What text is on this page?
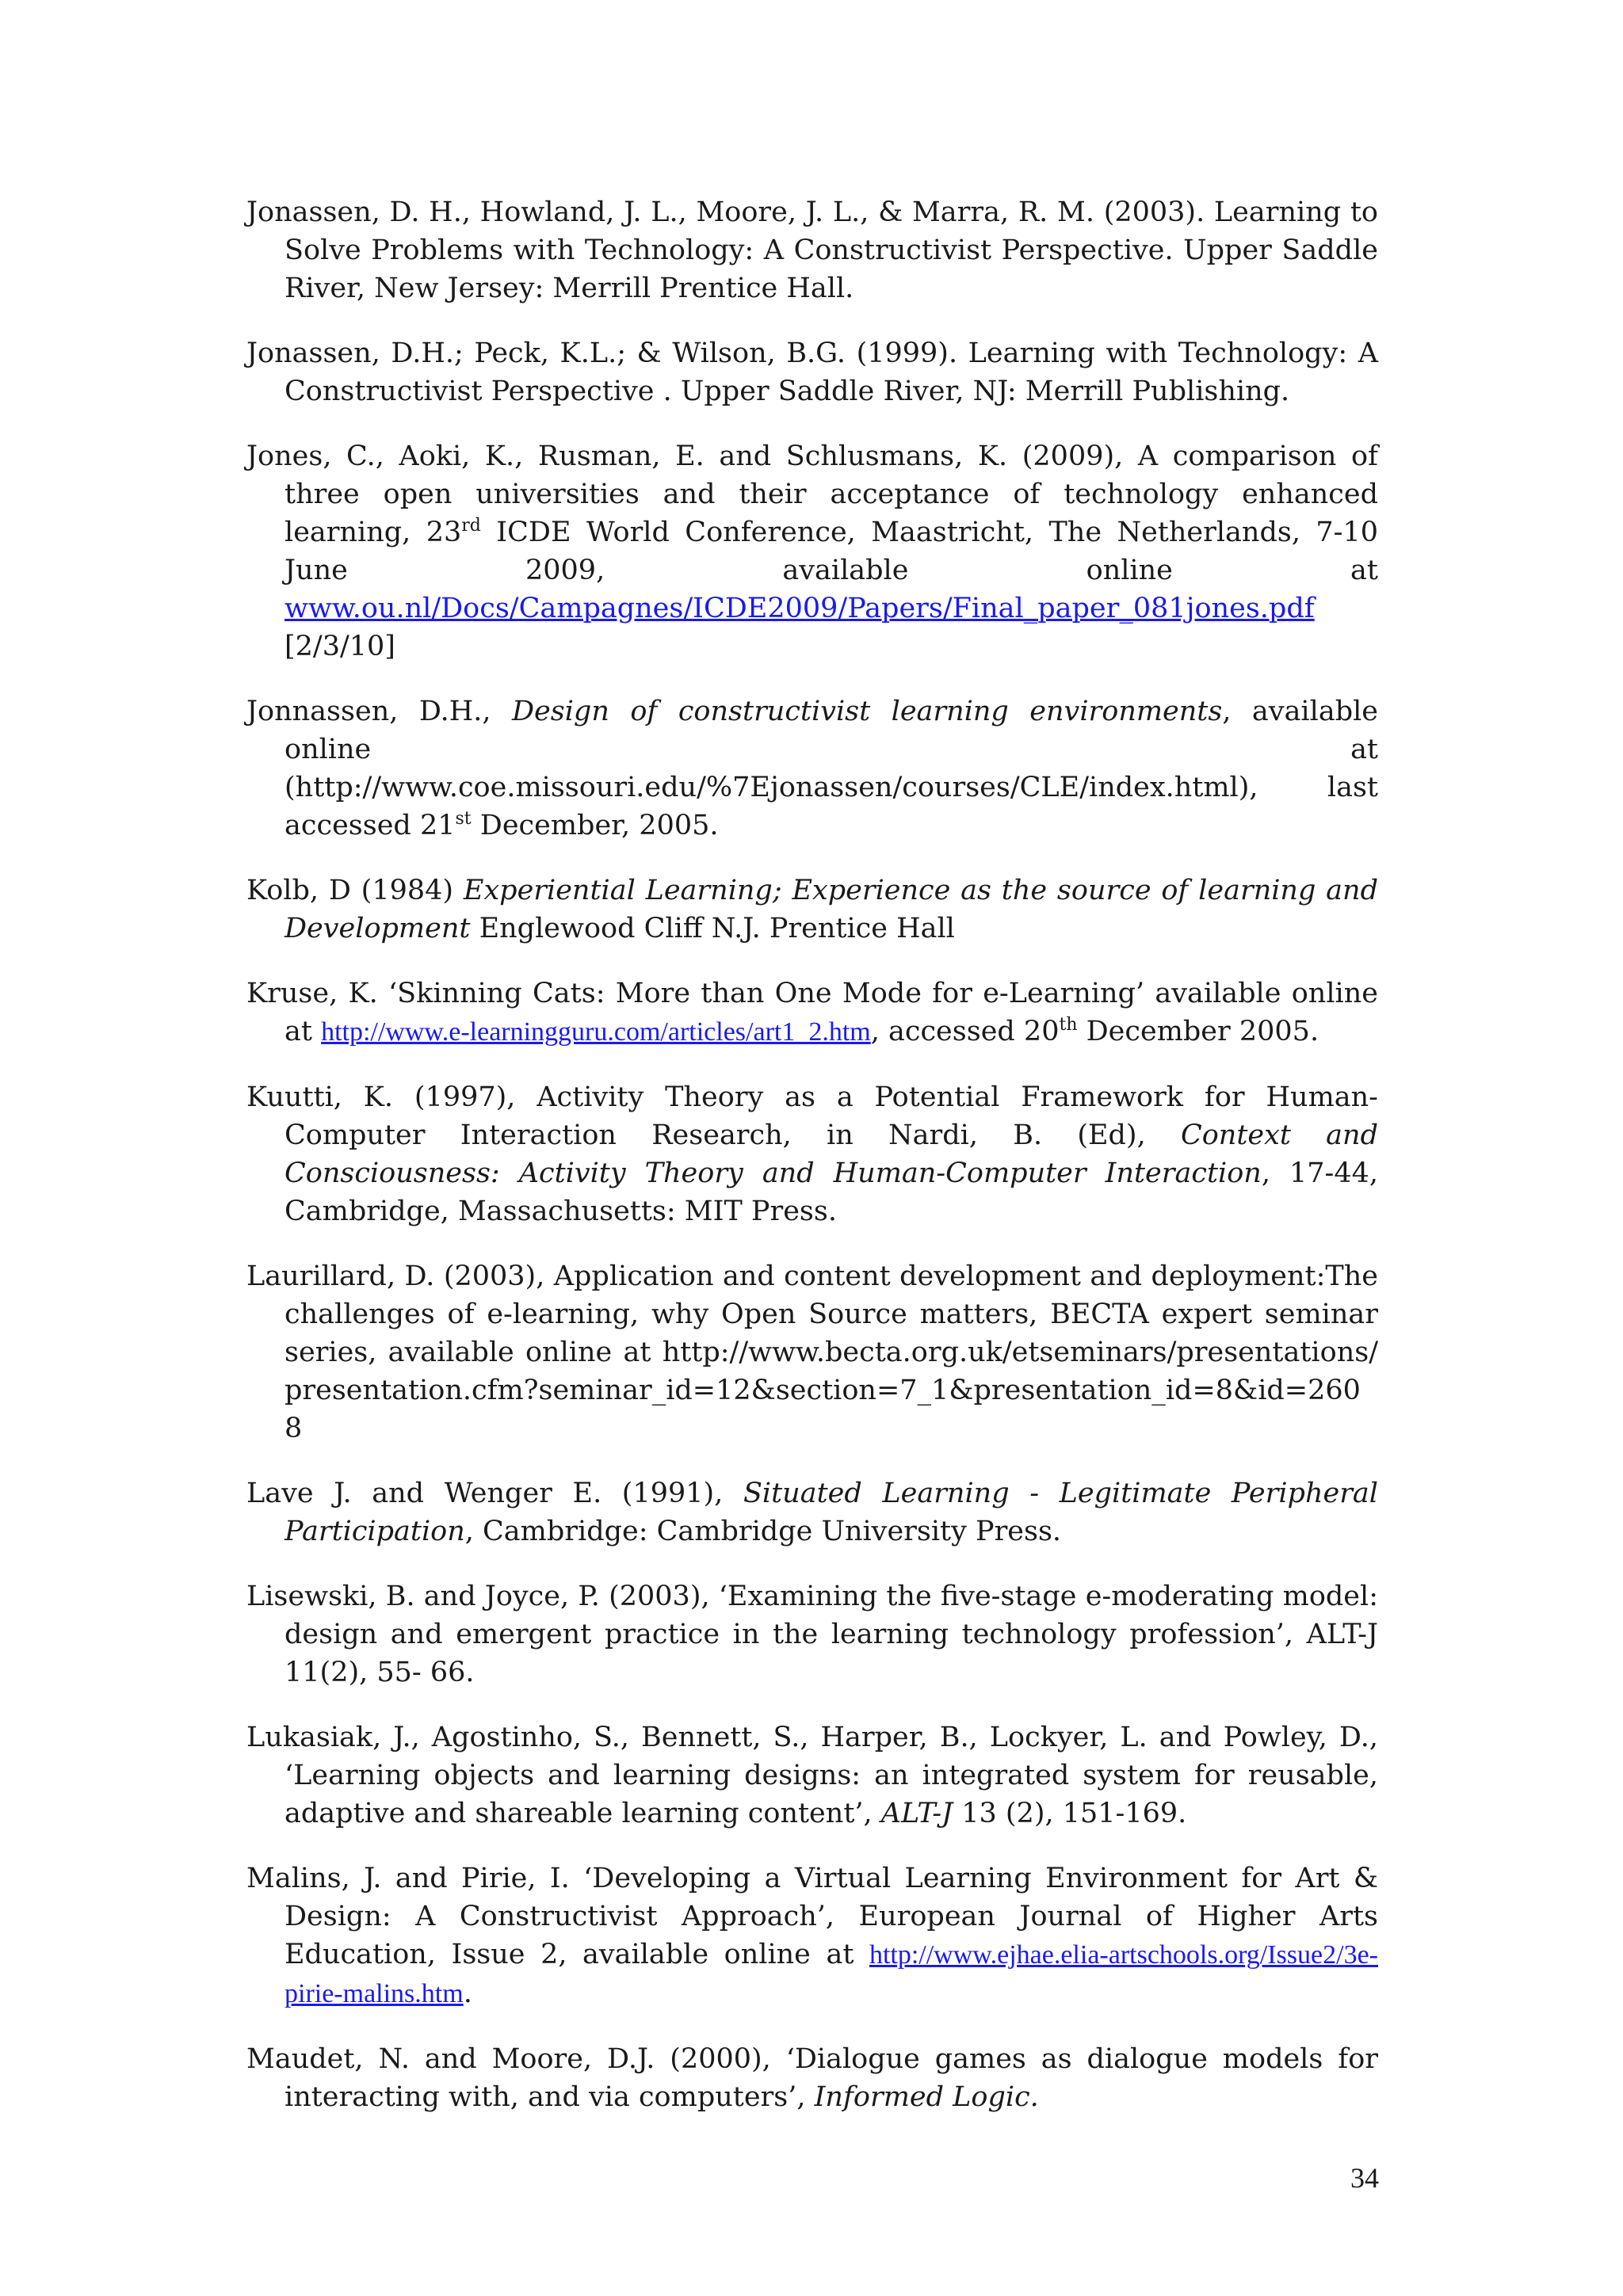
Jonassen, D. H., Howland, J. L., Moore, J. L., & Marra, R. M. (2003). Learning to Solve Problems with Technology: A Constructivist Perspective. Upper Saddle River, New Jersey: Merrill Prentice Hall.

Jonassen, D.H.; Peck, K.L.; & Wilson, B.G. (1999). Learning with Technology: A Constructivist Perspective . Upper Saddle River, NJ: Merrill Publishing.

Jones, C., Aoki, K., Rusman, E. and Schlusmans, K. (2009), A comparison of three open universities and their acceptance of technology enhanced learning, 23rd ICDE World Conference, Maastricht, The Netherlands, 7-10 June 2009, available online at www.ou.nl/Docs/Campagnes/ICDE2009/Papers/Final_paper_081jones.pdf [2/3/10]

Jonnassen, D.H., Design of constructivist learning environments, available online at (http://www.coe.missouri.edu/%7Ejonassen/courses/CLE/index.html), last accessed 21st December, 2005.

Kolb, D (1984) Experiential Learning; Experience as the source of learning and Development Englewood Cliff N.J. Prentice Hall

Kruse, K. ‘Skinning Cats: More than One Mode for e-Learning’ available online at http://www.e-learningguru.com/articles/art1_2.htm, accessed 20th December 2005.

Kuutti, K. (1997), Activity Theory as a Potential Framework for Human-Computer Interaction Research, in Nardi, B. (Ed), Context and Consciousness: Activity Theory and Human-Computer Interaction, 17-44, Cambridge, Massachusetts: MIT Press.

Laurillard, D. (2003), Application and content development and deployment:The challenges of e-learning, why Open Source matters, BECTA expert seminar series, available online at http://www.becta.org.uk/etseminars/presentations/presentation.cfm?seminar_id=12&section=7_1&presentation_id=8&id=2608

Lave J. and Wenger E. (1991), Situated Learning - Legitimate Peripheral Participation, Cambridge: Cambridge University Press.

Lisewski, B. and Joyce, P. (2003), ‘Examining the five-stage e-moderating model: design and emergent practice in the learning technology profession’, ALT-J 11(2), 55- 66.

Lukasiak, J., Agostinho, S., Bennett, S., Harper, B., Lockyer, L. and Powley, D., ‘Learning objects and learning designs: an integrated system for reusable, adaptive and shareable learning content’, ALT-J 13 (2), 151-169.

Malins, J. and Pirie, I. ‘Developing a Virtual Learning Environment for Art & Design: A Constructivist Approach’, European Journal of Higher Arts Education, Issue 2, available online at http://www.ejhae.elia-artschools.org/Issue2/3e-pirie-malins.htm.

Maudet, N. and Moore, D.J. (2000), ‘Dialogue games as dialogue models for interacting with, and via computers’, Informed Logic.

34
